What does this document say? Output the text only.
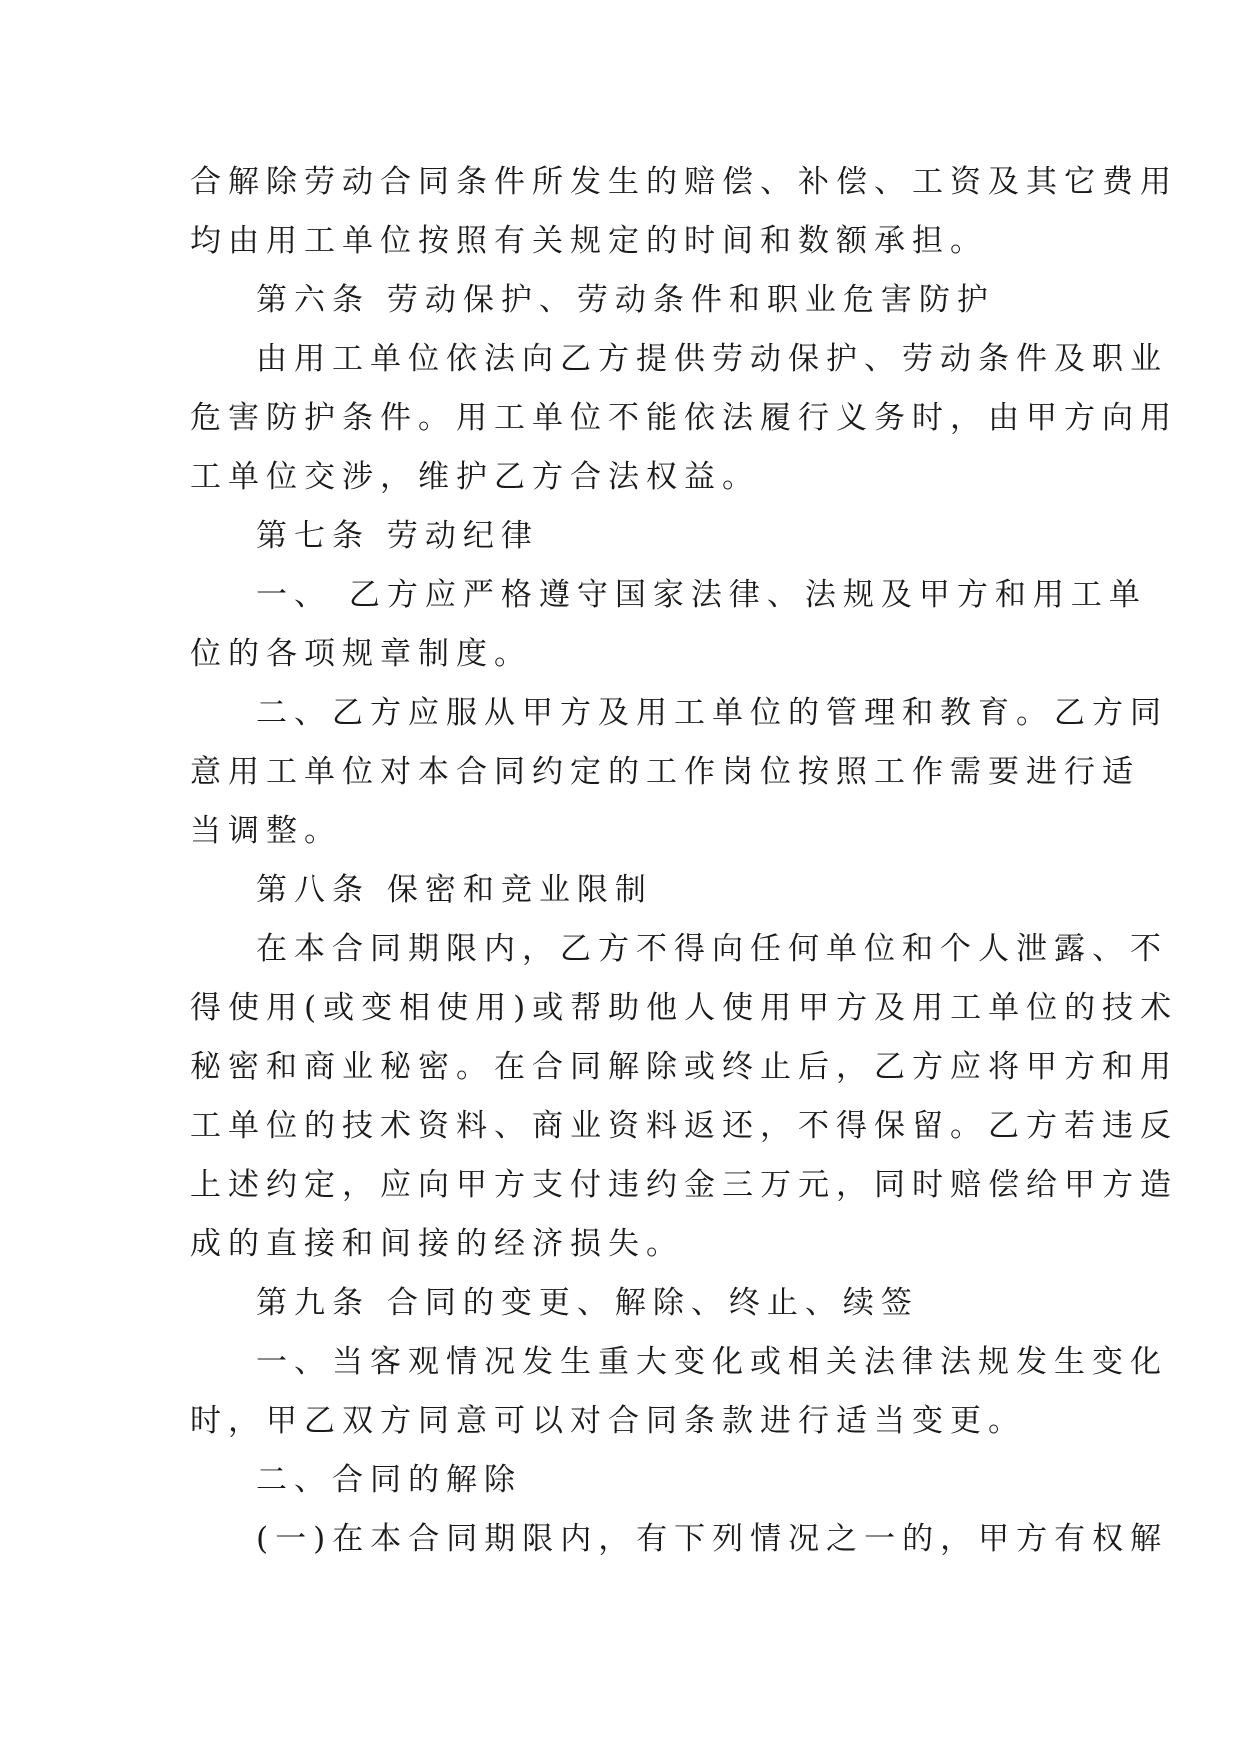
合解除劳动合同条件所发生的赔偿、补偿、工资及其它费用
均由用工单位按照有关规定的时间和数额承担。
第六条 劳动保护、劳动条件和职业危害防护
由用工单位依法向乙方提供劳动保护、劳动条件及职业
危害防护条件。用工单位不能依法履行义务时，由甲方向用
工单位交涉，维护乙方合法权益。
第七条 劳动纪律
一、 乙方应严格遵守国家法律、法规及甲方和用工单
位的各项规章制度。
二、乙方应服从甲方及用工单位的管理和教育。乙方同
意用工单位对本合同约定的工作岗位按照工作需要进行适
当调整。
第八条 保密和竞业限制
在本合同期限内，乙方不得向任何单位和个人泄露、不
得使用(或变相使用)或帮助他人使用甲方及用工单位的技术
秘密和商业秘密。在合同解除或终止后，乙方应将甲方和用
工单位的技术资料、商业资料返还，不得保留。乙方若违反
上述约定，应向甲方支付违约金三万元，同时赔偿给甲方造
成的直接和间接的经济损失。
第九条 合同的变更、解除、终止、续签
一、当客观情况发生重大变化或相关法律法规发生变化
时，甲乙双方同意可以对合同条款进行适当变更。
二、合同的解除
(一)在本合同期限内，有下列情况之一的，甲方有权解
